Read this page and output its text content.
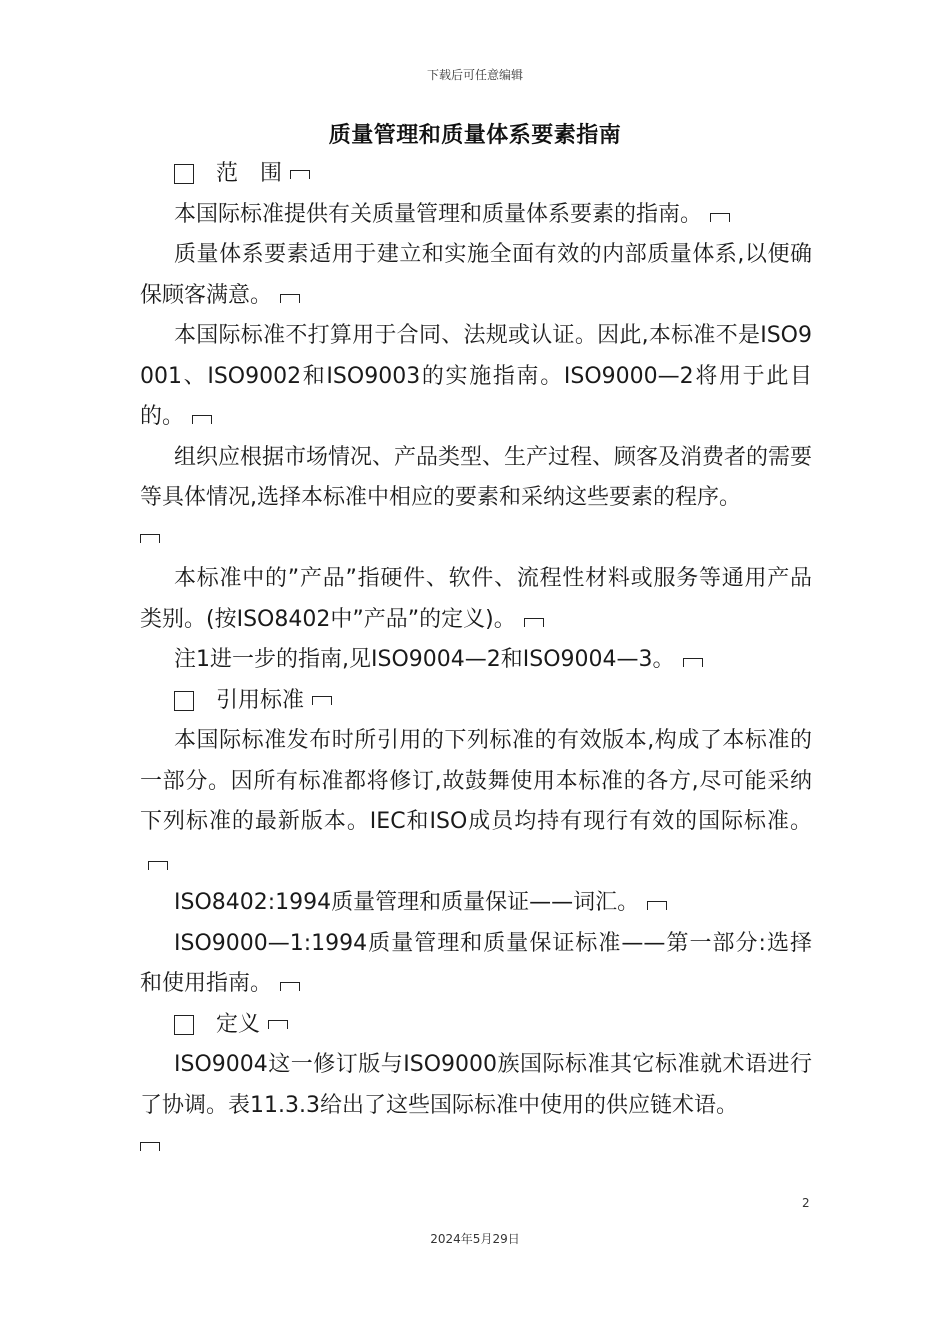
下载后可任意编辑
质量管理和质量体系要素指南
范　围

本国际标准提供有关质量管理和质量体系要素的指南。

质量体系要素适用于建立和实施全面有效的内部质量体系,以便确保顾客满意。

本国际标准不打算用于合同、法规或认证。因此,本标准不是ISO9001、ISO9002和ISO9003的实施指南。ISO9000—2将用于此目的。

组织应根据市场情况、产品类型、生产过程、顾客及消费者的需要等具体情况,选择本标准中相应的要素和采纳这些要素的程序。

本标准中的”产品”指硬件、软件、流程性材料或服务等通用产品类别。(按ISO8402中”产品”的定义)。

注1进一步的指南,见ISO9004—2和ISO9004—3。

引用标准

本国际标准发布时所引用的下列标准的有效版本,构成了本标准的一部分。因所有标准都将修订,故鼓舞使用本标准的各方,尽可能采纳下列标准的最新版本。IEC和ISO成员均持有现行有效的国际标准。

ISO8402:1994质量管理和质量保证——词汇。

ISO9000—1:1994质量管理和质量保证标准——第一部分:选择和使用指南。

定义

ISO9004这一修订版与ISO9000族国际标准其它标准就术语进行了协调。表11.3.3给出了这些国际标准中使用的供应链术语。

2
2024年5月29日
